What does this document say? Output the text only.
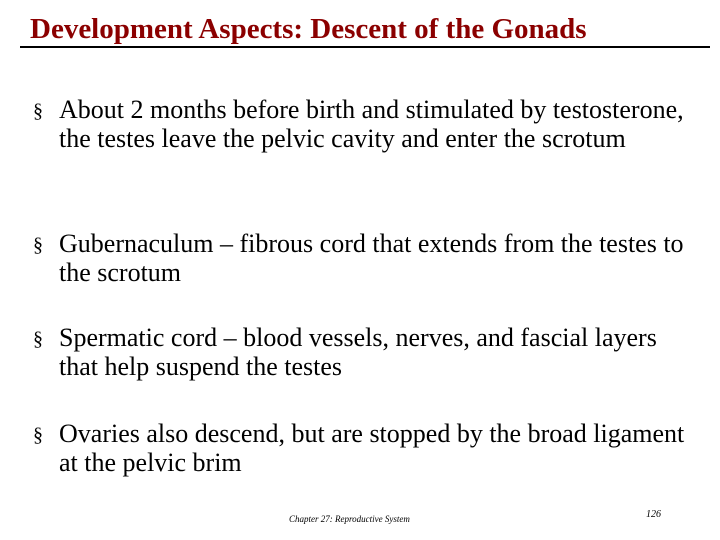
Development Aspects: Descent of the Gonads
§ About 2 months before birth and stimulated by testosterone, the testes leave the pelvic cavity and enter the scrotum
§ Gubernaculum – fibrous cord that extends from the testes to the scrotum
§ Spermatic cord – blood vessels, nerves, and fascial layers that help suspend the testes
§ Ovaries also descend, but are stopped by the broad ligament at the pelvic brim
Chapter 27: Reproductive System	126
